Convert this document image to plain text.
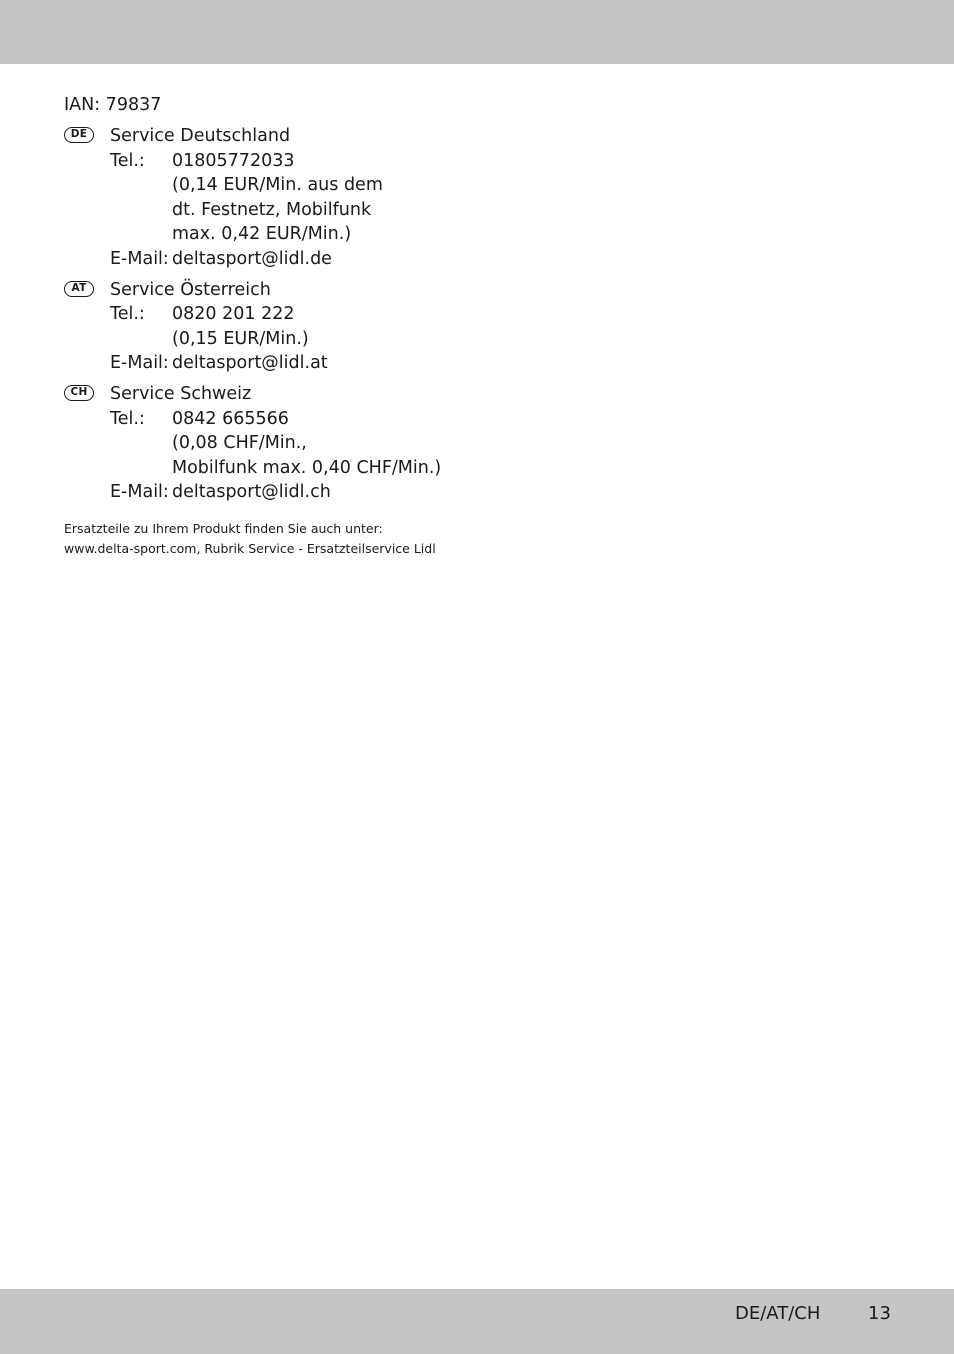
IAN: 79837
DE	Service Deutschland
Tel.:	01805772033
(0,14 EUR/Min. aus dem
dt. Festnetz, Mobilfunk
max. 0,42 EUR/Min.)
E-Mail: deltasport@lidl.de
AT	Service Österreich
Tel.:	0820 201 222
(0,15 EUR/Min.)
E-Mail: deltasport@lidl.at
CH	Service Schweiz
Tel.:	0842 665566
(0,08 CHF/Min.,
Mobilfunk max. 0,40 CHF/Min.)
E-Mail: deltasport@lidl.ch
Ersatzteile zu Ihrem Produkt finden Sie auch unter:
www.delta-sport.com, Rubrik Service - Ersatzteilservice Lidl
DE/AT/CH	13
